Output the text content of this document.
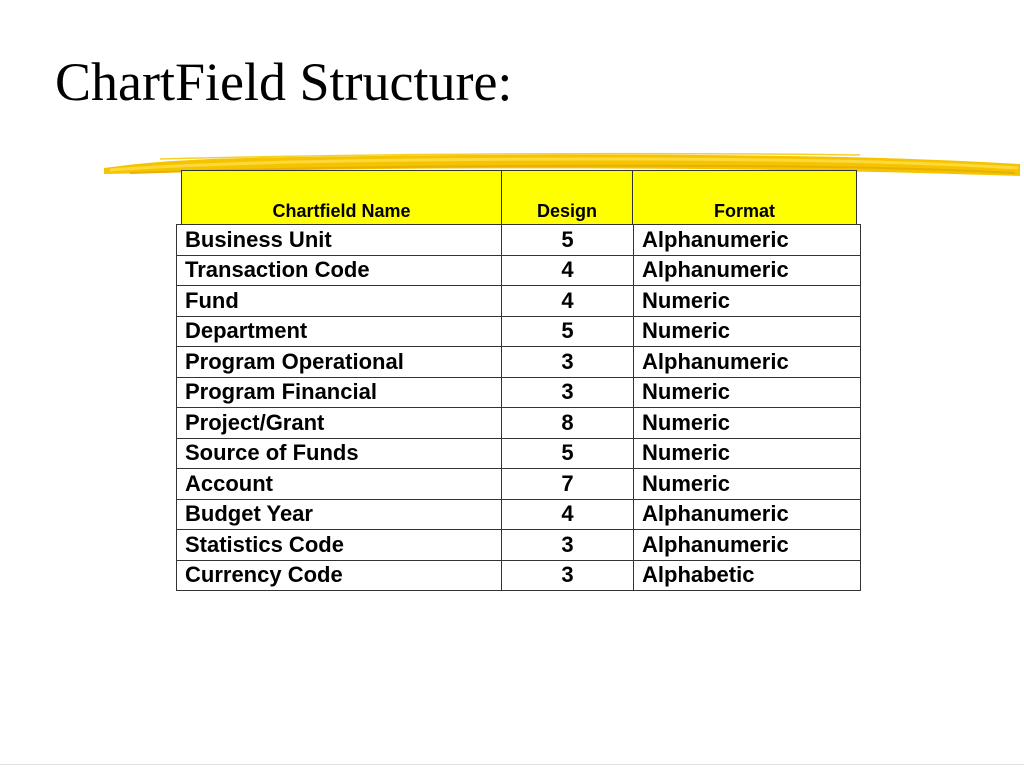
ChartField Structure:
Chartfield Name	Design	Format
Business Unit	5	Alphanumeric
Transaction Code	4	Alphanumeric
Fund	4	Numeric
Department	5	Numeric
Program Operational	3	Alphanumeric
Program Financial	3	Numeric
Project/Grant	8	Numeric
Source of Funds	5	Numeric
Account	7	Numeric
Budget Year	4	Alphanumeric
Statistics Code	3	Alphanumeric
Currency Code	3	Alphabetic
